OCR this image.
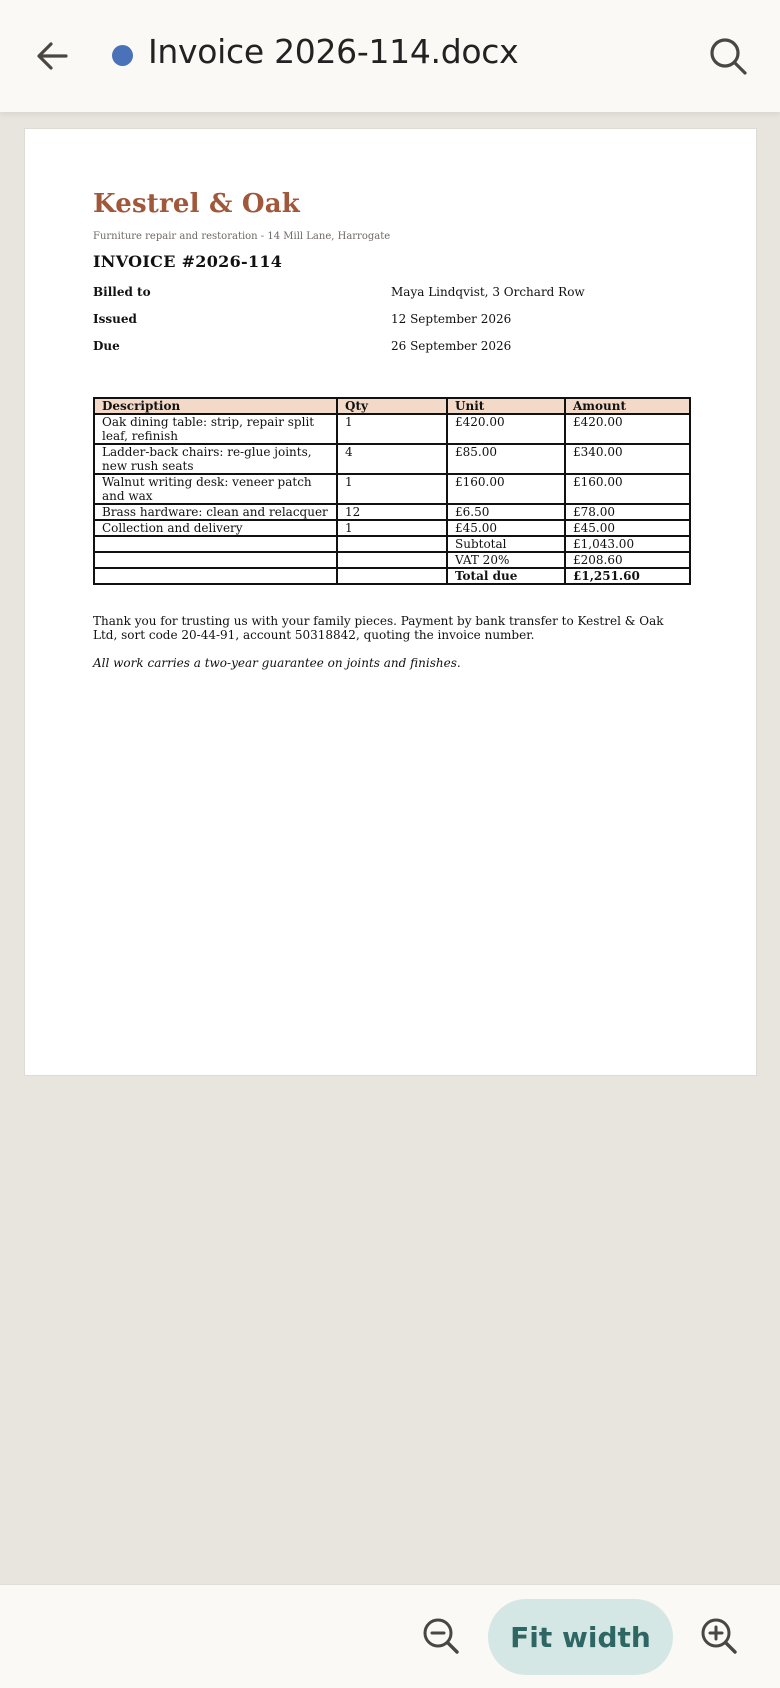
Invoice 2026-114.docx
Kestrel & Oak
Furniture repair and restoration - 14 Mill Lane, Harrogate
INVOICE #2026-114
Billed to	Maya Lindqvist, 3 Orchard Row
Issued	12 September 2026
Due	26 September 2026
Description	Qty	Unit	Amount
Oak dining table: strip, repair split leaf, refinish	1	£420.00	£420.00
Ladder-back chairs: re-glue joints, new rush seats	4	£85.00	£340.00
Walnut writing desk: veneer patch and wax	1	£160.00	£160.00
Brass hardware: clean and relacquer	12	£6.50	£78.00
Collection and delivery	1	£45.00	£45.00
		Subtotal	£1,043.00
		VAT 20%	£208.60
		Total due	£1,251.60

Thank you for trusting us with your family pieces. Payment by bank transfer to Kestrel & Oak Ltd, sort code 20-44-91, account 50318842, quoting the invoice number.

All work carries a two-year guarantee on joints and finishes.

Fit width
